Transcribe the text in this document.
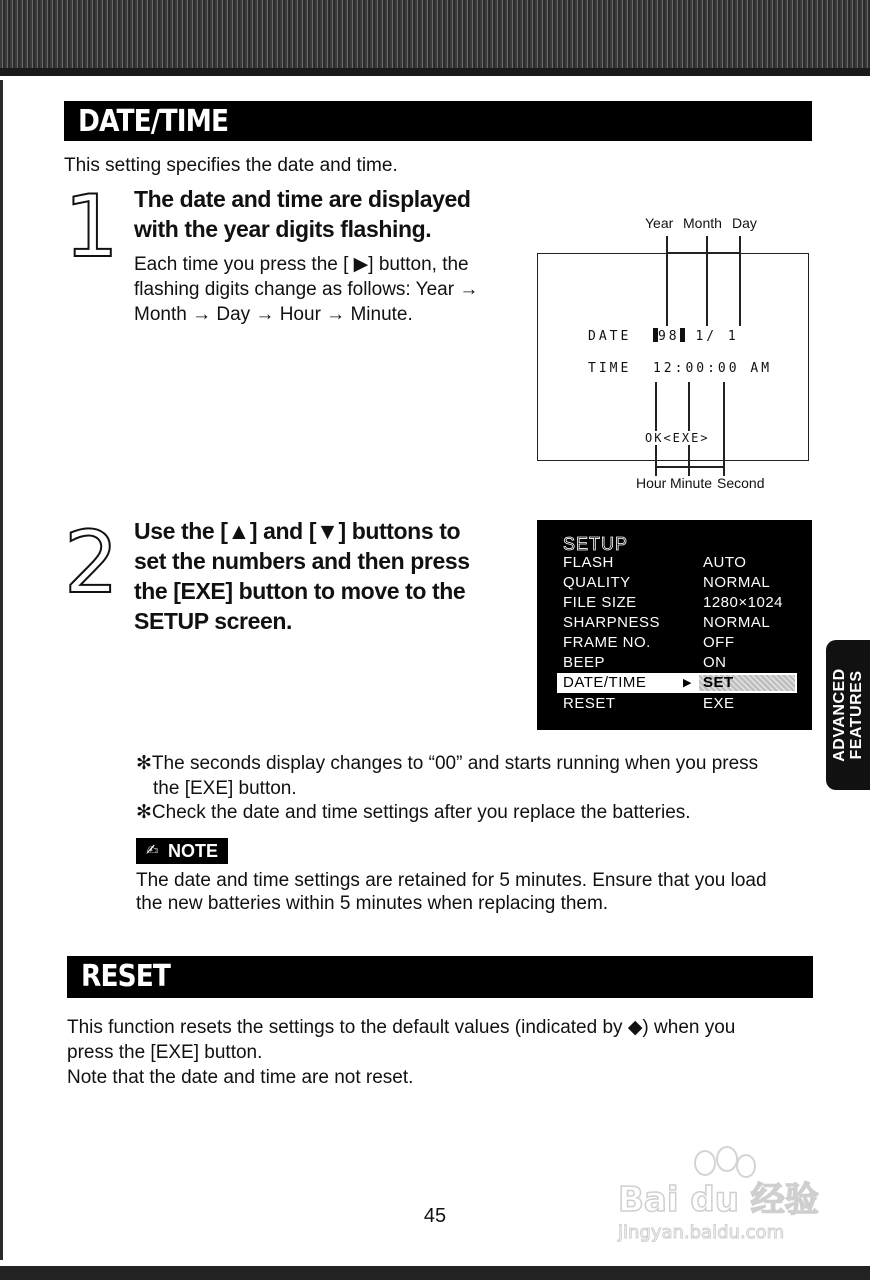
DATE/TIME
This setting specifies the date and time.
1 The date and time are displayed
with the year digits flashing.
Each time you press the [ ▶] button, the
flashing digits change as follows: Year →
Month → Day → Hour → Minute.
Year Month Day
DATE 98 1/ 1
TIME 12:00:00 AM
OK<EXE>
Hour Minute Second
2 Use the [▲] and [▼] buttons to
set the numbers and then press
the [EXE] button to move to the
SETUP screen.
SETUP
FLASH	AUTO
QUALITY	NORMAL
FILE SIZE	1280×1024
SHARPNESS	NORMAL
FRAME NO.	OFF
BEEP	ON
DATE/TIME	▶ SET
RESET	EXE	ADVANCED FEATURES
✻The seconds display changes to “00” and starts running when you press
the [EXE] button.
✻Check the date and time settings after you replace the batteries.
✍ NOTE
The date and time settings are retained for 5 minutes. Ensure that you load
the new batteries within 5 minutes when replacing them.
RESET
This function resets the settings to the default values (indicated by ◆) when you
press the [EXE] button.
Note that the date and time are not reset.
45	Bai du 经验
jingyan.baidu.com
